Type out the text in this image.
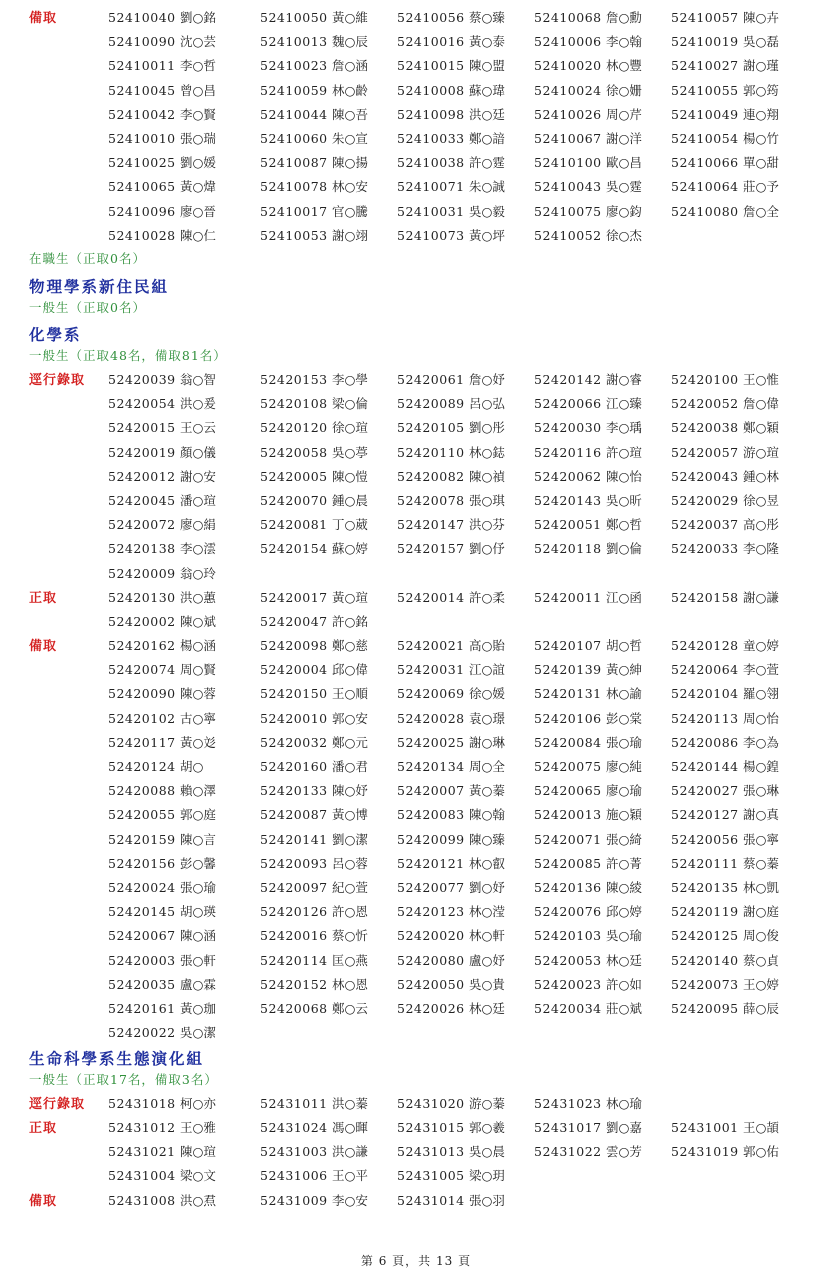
備取	52410040 劉○銘	52410050 黃○維 52410056 蔡○臻 52410068 詹○勳 52410057 陳○卉
52410090 沈○芸	52410013 魏○辰 52410016 黃○泰 52410006 李○翰 52410019 吳○磊
52410011 李○哲	52410023 詹○涵 52410015 陳○盟 52410020 林○豐 52410027 謝○瑾
52410045 曾○昌	52410059 林○齡 52410008 蘇○瑋 52410024 徐○姗 52410055 郭○筠
52410042 李○賢	52410044 陳○吾 52410098 洪○廷 52410026 周○芹 52410049 連○翔
52410010 張○瑞	52410060 朱○宣 52410033 鄭○諳 52410067 謝○洋 52410054 楊○竹
52410025 劉○媛	52410087 陳○揚 52410038 許○霆 52410100 歐○昌 52410066 單○甜
52410065 黃○煒	52410078 林○安 52410071 朱○誠 52410043 吳○霆 52410064 莊○予
52410096 廖○晉	52410017 官○騰 52410031 吳○毅 52410075 廖○鈞 52410080 詹○全
52410028 陳○仁	52410053 謝○翊 52410073 黃○坪 52410052 徐○杰
在職生（正取0名）
物理學系新住民組
一般生（正取0名）
化學系
一般生（正取48名，備取81名）
逕行錄取 52420039 翁○智	52420153 李○學 52420061 詹○妤 52420142 謝○睿 52420100 王○惟
52420054 洪○爰	52420108 梁○倫 52420089 呂○弘 52420066 江○臻 52420052 詹○偉
52420015 王○云	52420120 徐○瑄 52420105 劉○彤 52420030 李○瑀 52420038 鄭○穎
52420019 顏○儀	52420058 吳○葶 52420110 林○鋕 52420116 許○瑄 52420057 游○瑄
52420012 謝○安	52420005 陳○愷 52420082 陳○禎 52420062 陳○怡 52420043 鍾○林
52420045 潘○瑄	52420070 鍾○晨 52420078 張○琪 52420143 吳○昕 52420029 徐○昱
52420072 廖○絹	52420081 丁○葳 52420147 洪○芬 52420051 鄭○哲 52420037 高○彤
52420138 李○澐	52420154 蘇○婷 52420157 劉○伃 52420118 劉○倫 52420033 李○隆
52420009 翁○玲
正取	52420130 洪○蕙	52420017 黃○瑄 52420014 許○柔 52420011 江○函 52420158 謝○謙
52420002 陳○斌	52420047 許○銘
備取	52420162 楊○涵	52420098 鄭○慈 52420021 高○貽 52420107 胡○哲 52420128 童○婷
52420074 周○賢	52420004 邱○偉 52420031 江○誼 52420139 黃○紳 52420064 李○萱
52420090 陳○蓉	52420150 王○順 52420069 徐○媛 52420131 林○諭 52420104 羅○翎
52420102 古○寧	52420010 郭○安 52420028 袁○璟 52420106 彭○棠 52420113 周○怡
52420117 黃○彣	52420032 鄭○元 52420025 謝○琳 52420084 張○瑜 52420086 李○為
52420124 胡○	52420160 潘○君 52420134 周○全 52420075 廖○純 52420144 楊○鍠
52420088 賴○澤	52420133 陳○妤 52420007 黃○蓁 52420065 廖○瑜 52420027 張○琳
52420055 郭○庭	52420087 黃○博 52420083 陳○翰 52420013 施○穎 52420127 謝○真
52420159 陳○言	52420141 劉○潔 52420099 陳○臻 52420071 張○綺 52420056 張○寧
52420156 彭○馨	52420093 呂○蓉 52420121 林○叡 52420085 許○菁 52420111 蔡○蓁
52420024 張○瑜	52420097 紀○萱 52420077 劉○妤 52420136 陳○綾 52420135 林○凱
52420145 胡○瑛	52420126 許○恩 52420123 林○滢 52420076 邱○婷 52420119 謝○庭
52420067 陳○涵	52420016 蔡○忻 52420020 林○軒 52420103 吳○瑜 52420125 周○俊
52420003 張○軒	52420114 匡○燕 52420080 盧○妤 52420053 林○廷 52420140 蔡○貞
52420035 盧○霖	52420152 林○恩 52420050 吳○貴 52420023 許○如 52420073 王○婷
52420161 黃○珈	52420068 鄭○云 52420026 林○廷 52420034 莊○斌 52420095 薛○辰
52420022 吳○潔
生命科學系生態演化組
一般生（正取17名，備取3名）
逕行錄取 52431018 柯○亦	52431011 洪○蓁 52431020 游○蓁 52431023 林○瑜
正取	52431012 王○雅	52431024 馮○暉 52431015 郭○羲 52431017 劉○嘉 52431001 王○頡
52431021 陳○瑄	52431003 洪○謙 52431013 吳○晨 52431022 雲○芳 52431019 郭○佑
52431004 梁○文	52431006 王○平 52431005 梁○玥
備取	52431008 洪○焄	52431009 李○安 52431014 張○羽
第 6 頁，共 13 頁
